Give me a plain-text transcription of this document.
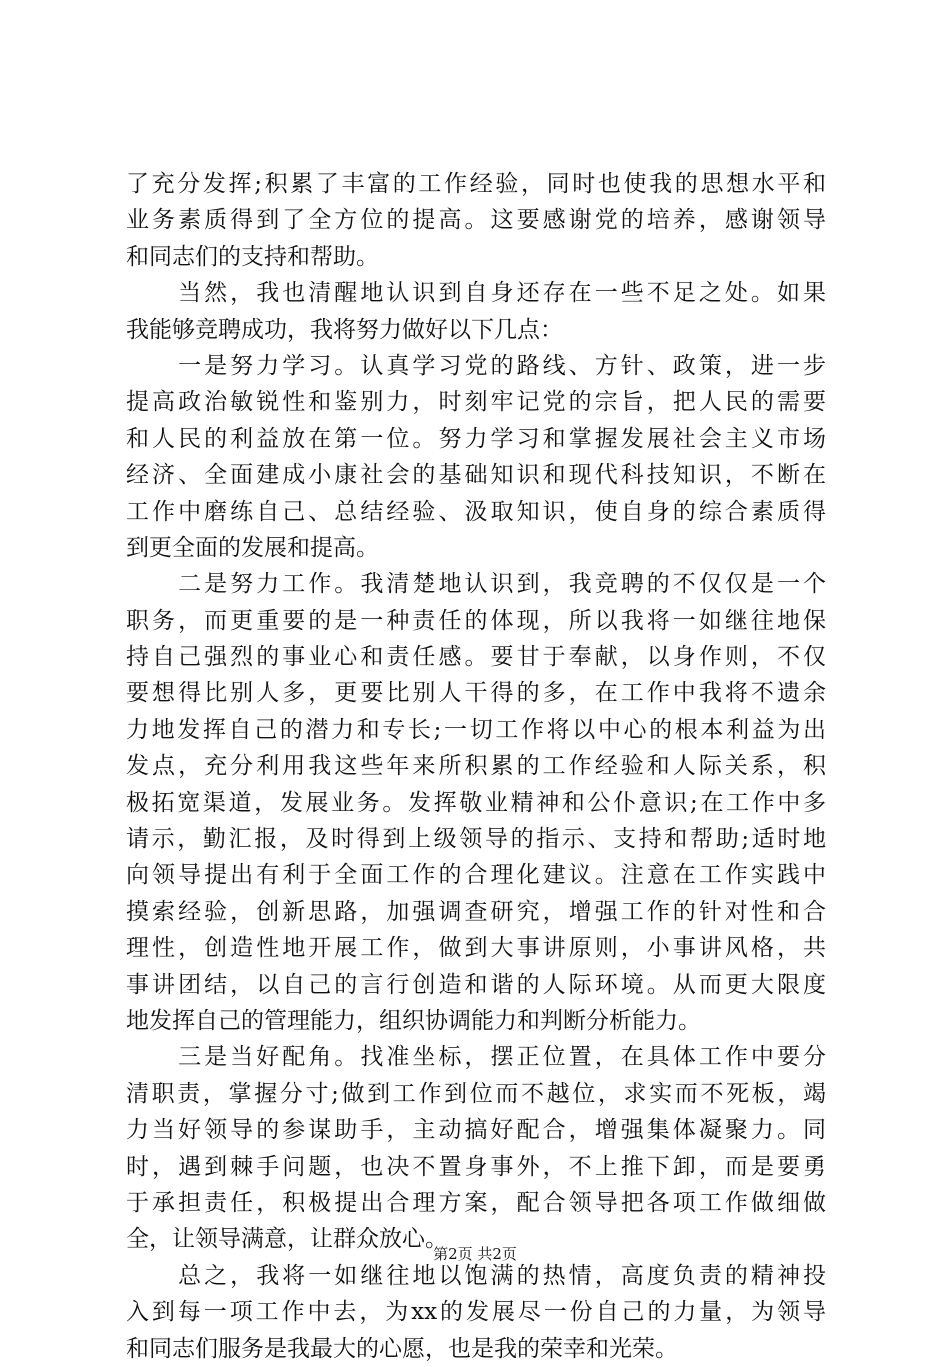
了充分发挥;积累了丰富的工作经验，同时也使我的思想水平和
业务素质得到了全方位的提高。这要感谢党的培养，感谢领导
和同志们的支持和帮助。
　　当然，我也清醒地认识到自身还存在一些不足之处。如果
我能够竞聘成功，我将努力做好以下几点：
　　一是努力学习。认真学习党的路线、方针、政策，进一步
提高政治敏锐性和鉴别力，时刻牢记党的宗旨，把人民的需要
和人民的利益放在第一位。努力学习和掌握发展社会主义市场
经济、全面建成小康社会的基础知识和现代科技知识，不断在
工作中磨练自己、总结经验、汲取知识，使自身的综合素质得
到更全面的发展和提高。
　　二是努力工作。我清楚地认识到，我竞聘的不仅仅是一个
职务，而更重要的是一种责任的体现，所以我将一如继往地保
持自己强烈的事业心和责任感。要甘于奉献，以身作则，不仅
要想得比别人多，更要比别人干得的多，在工作中我将不遗余
力地发挥自己的潜力和专长;一切工作将以中心的根本利益为出
发点，充分利用我这些年来所积累的工作经验和人际关系，积
极拓宽渠道，发展业务。发挥敬业精神和公仆意识;在工作中多
请示，勤汇报，及时得到上级领导的指示、支持和帮助;适时地
向领导提出有利于全面工作的合理化建议。注意在工作实践中
摸索经验，创新思路，加强调查研究，增强工作的针对性和合
理性，创造性地开展工作，做到大事讲原则，小事讲风格，共
事讲团结，以自己的言行创造和谐的人际环境。从而更大限度
地发挥自己的管理能力，组织协调能力和判断分析能力。
　　三是当好配角。找准坐标，摆正位置，在具体工作中要分
清职责，掌握分寸;做到工作到位而不越位，求实而不死板，竭
力当好领导的参谋助手，主动搞好配合，增强集体凝聚力。同
时，遇到棘手问题，也决不置身事外，不上推下卸，而是要勇
于承担责任，积极提出合理方案，配合领导把各项工作做细做
全，让领导满意，让群众放心。
　　总之，我将一如继往地以饱满的热情，高度负责的精神投
入到每一项工作中去，为xx的发展尽一份自己的力量，为领导
和同志们服务是我最大的心愿，也是我的荣幸和光荣。
第2页 共2页
